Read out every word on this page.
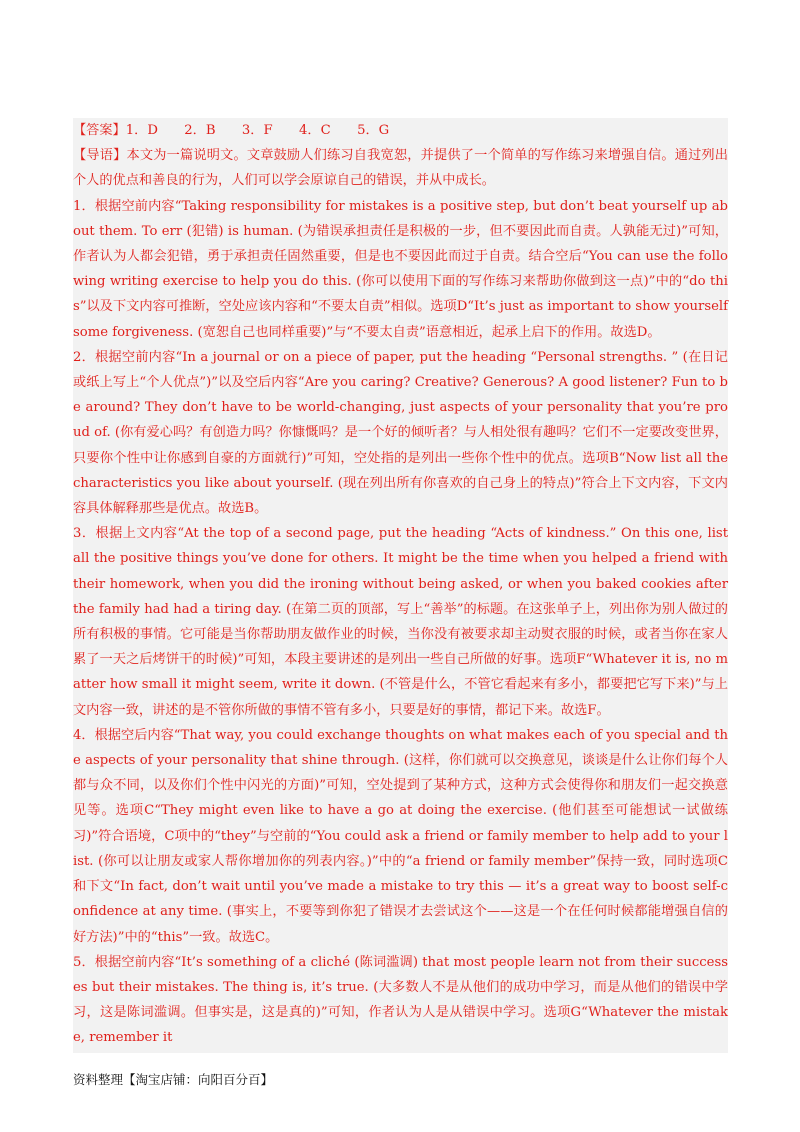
【答案】1．D　　2．B　　3．F　　4．C　　5．G

【导语】本文为一篇说明文。文章鼓励人们练习自我宽恕，并提供了一个简单的写作练习来增强自信。通过列出个人的优点和善良的行为，人们可以学会原谅自己的错误，并从中成长。

1．根据空前内容“Taking responsibility for mistakes is a positive step, but don’t beat yourself up about them. To err (犯错) is human. (为错误承担责任是积极的一步，但不要因此而自责。人孰能无过)”可知，作者认为人都会犯错，勇于承担责任固然重要，但是也不要因此而过于自责。结合空后“You can use the following writing exercise to help you do this. (你可以使用下面的写作练习来帮助你做到这一点)”中的“do this”以及下文内容可推断，空处应该内容和“不要太自责”相似。选项D“It’s just as important to show yourself some forgiveness. (宽恕自己也同样重要)”与“不要太自责”语意相近，起承上启下的作用。故选D。

2．根据空前内容“In a journal or on a piece of paper, put the heading “Personal strengths. ” (在日记或纸上写上“个人优点”)”以及空后内容“Are you caring? Creative? Generous? A good listener? Fun to be around? They don’t have to be world-changing, just aspects of your personality that you’re proud of. (你有爱心吗？有创造力吗？你慷慨吗？是一个好的倾听者？与人相处很有趣吗？它们不一定要改变世界，只要你个性中让你感到自豪的方面就行)”可知，空处指的是列出一些你个性中的优点。选项B“Now list all the characteristics you like about yourself. (现在列出所有你喜欢的自己身上的特点)”符合上下文内容，下文内容具体解释那些是优点。故选B。

3．根据上文内容“At the top of a second page, put the heading “Acts of kindness.” On this one, list all the positive things you’ve done for others. It might be the time when you helped a friend with their homework, when you did the ironing without being asked, or when you baked cookies after the family had had a tiring day. (在第二页的顶部，写上“善举”的标题。在这张单子上，列出你为别人做过的所有积极的事情。它可能是当你帮助朋友做作业的时候，当你没有被要求却主动熨衣服的时候，或者当你在家人累了一天之后烤饼干的时候)”可知，本段主要讲述的是列出一些自己所做的好事。选项F“Whatever it is, no matter how small it might seem, write it down. (不管是什么，不管它看起来有多小，都要把它写下来)”与上文内容一致，讲述的是不管你所做的事情不管有多小，只要是好的事情，都记下来。故选F。

4．根据空后内容“That way, you could exchange thoughts on what makes each of you special and the aspects of your personality that shine through. (这样，你们就可以交换意见，谈谈是什么让你们每个人都与众不同，以及你们个性中闪光的方面)”可知，空处提到了某种方式，这种方式会使得你和朋友们一起交换意见等。选项C“They might even like to have a go at doing the exercise. (他们甚至可能想试一试做练习)”符合语境，C项中的“they”与空前的“You could ask a friend or family member to help add to your list. (你可以让朋友或家人帮你增加你的列表内容。)”中的“a friend or family member”保持一致，同时选项C和下文“In fact, don’t wait until you’ve made a mistake to try this — it’s a great way to boost self-confidence at any time. (事实上，不要等到你犯了错误才去尝试这个——这是一个在任何时候都能增强自信的好方法)”中的“this”一致。故选C。

5．根据空前内容“It’s something of a cliché (陈词滥调) that most people learn not from their successes but their mistakes. The thing is, it’s true. (大多数人不是从他们的成功中学习，而是从他们的错误中学习，这是陈词滥调。但事实是，这是真的)”可知，作者认为人是从错误中学习。选项G“Whatever the mistake, remember it

资料整理【淘宝店铺：向阳百分百】
